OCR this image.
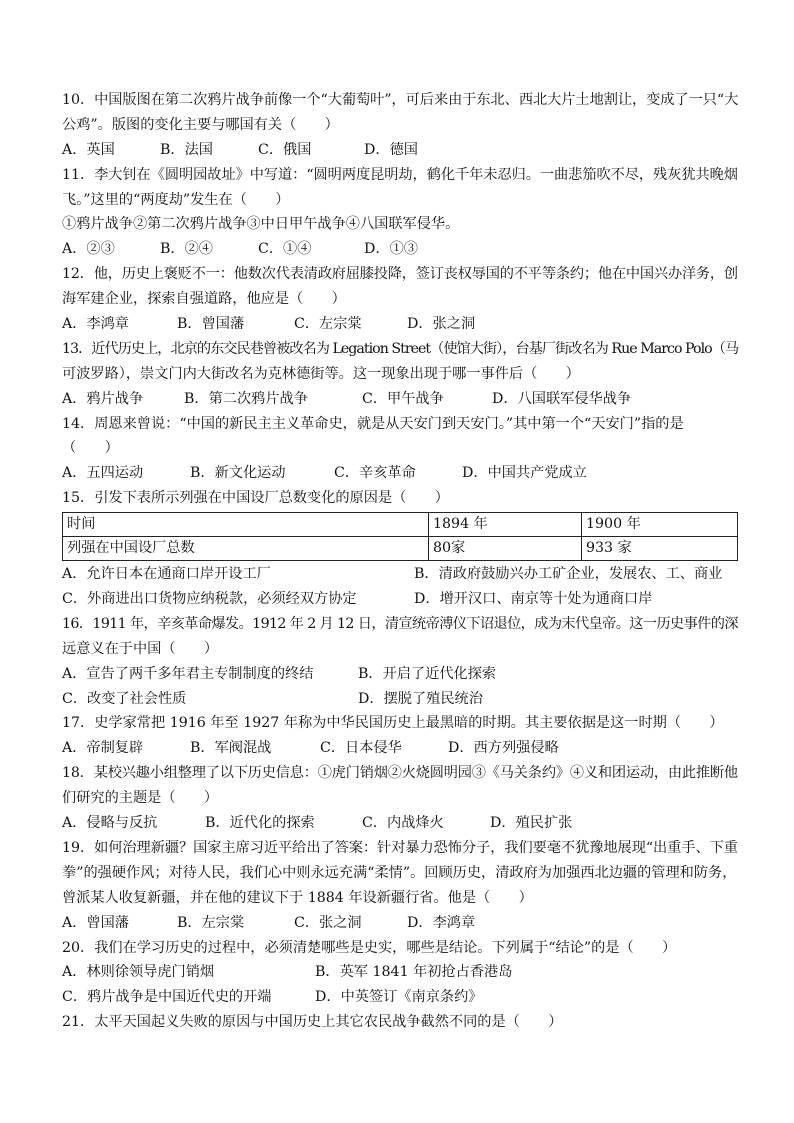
10．中国版图在第二次鸦片战争前像一个“大葡萄叶”，可后来由于东北、西北大片土地割让，变成了一只“大
公鸡”。版图的变化主要与哪国有关（　　）
A．英国	B．法国	C．俄国	D．德国
11．李大钊在《圆明园故址》中写道：“圆明两度昆明劫，鹤化千年未忍归。一曲悲笳吹不尽，残灰犹共晚烟
飞。”这里的“两度劫”发生在（　　）
①鸦片战争②第二次鸦片战争③中日甲午战争④八国联军侵华。
A．②③	B．②④	C．①④	D．①③
12．他，历史上褒贬不一：他数次代表清政府屈膝投降，签订丧权辱国的不平等条约；他在中国兴办洋务，创
海军建企业，探索自强道路，他应是（　　）
A．李鸿章	B．曾国藩	C．左宗棠	D．张之洞
13．近代历史上，北京的东交民巷曾被改名为 Legation Street（使馆大街），台基厂街改名为 Rue Marco Polo（马
可波罗路），崇文门内大街改名为克林德街等。这一现象出现于哪一事件后（　　）
A．鸦片战争	B．第二次鸦片战争	C．甲午战争	D．八国联军侵华战争
14．周恩来曾说：“中国的新民主主义革命史，就是从天安门到天安门。”其中第一个“天安门”指的是
（　　）
A．五四运动	B．新文化运动	C．辛亥革命	D．中国共产党成立
15．引发下表所示列强在中国设厂总数变化的原因是（　　）
时间	1894 年	1900 年
列强在中国设厂总数	80家	933 家
A．允许日本在通商口岸开设工厂	B．清政府鼓励兴办工矿企业，发展农、工、商业
C．外商进出口货物应纳税款，必须经双方协定	D．增开汉口、南京等十处为通商口岸
16．1911 年，辛亥革命爆发。1912 年 2 月 12 日，清宣统帝溥仪下诏退位，成为末代皇帝。这一历史事件的深
远意义在于中国（　　）
A．宣告了两千多年君主专制制度的终结	B．开启了近代化探索
C．改变了社会性质	D．摆脱了殖民统治
17．史学家常把 1916 年至 1927 年称为中华民国历史上最黑暗的时期。其主要依据是这一时期（　　）
A．帝制复辟	B．军阀混战	C．日本侵华	D．西方列强侵略
18．某校兴趣小组整理了以下历史信息：①虎门销烟②火烧圆明园③《马关条约》④义和团运动，由此推断他
们研究的主题是（　　）
A．侵略与反抗	B．近代化的探索	C．内战烽火	D．殖民扩张
19．如何治理新疆？国家主席习近平给出了答案：针对暴力恐怖分子，我们要毫不犹豫地展现“出重手、下重
拳”的强硬作风；对待人民，我们心中则永远充满“柔情”。回顾历史，清政府为加强西北边疆的管理和防务，
曾派某人收复新疆，并在他的建议下于 1884 年设新疆行省。他是（　　）
A．曾国藩	B．左宗棠	C．张之洞	D．李鸿章
20．我们在学习历史的过程中，必须清楚哪些是史实，哪些是结论。下列属于“结论”的是（　　）
A．林则徐领导虎门销烟	B．英军 1841 年初抢占香港岛
C．鸦片战争是中国近代史的开端	D．中英签订《南京条约》
21．太平天国起义失败的原因与中国历史上其它农民战争截然不同的是（　　）
